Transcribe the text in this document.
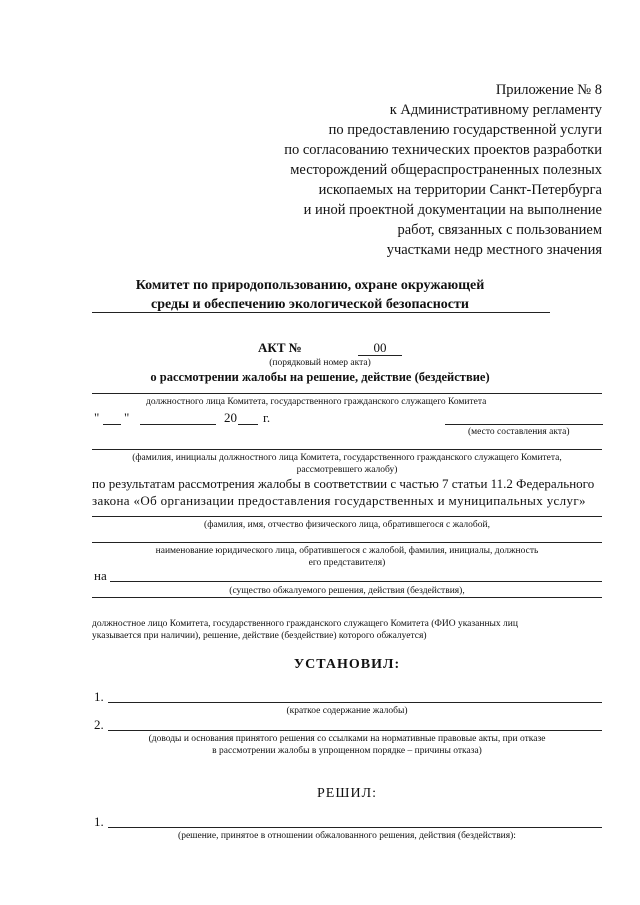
Приложение № 8
к Административному регламенту
по предоставлению государственной услуги
по согласованию технических проектов разработки
месторождений общераспространенных полезных
ископаемых на территории Санкт-Петербурга
и иной проектной документации на выполнение
работ, связанных с пользованием
участками недр местного значения
Комитет по природопользованию, охране окружающей
среды и обеспечению экологической безопасности
АКТ №	00
(порядковый номер акта)
о рассмотрении жалобы на решение, действие (бездействие)
должностного лица Комитета, государственного гражданского служащего Комитета
" "	20 г.
(место составления акта)
(фамилия, инициалы должностного лица Комитета, государственного гражданского служащего Комитета,
рассмотревшего жалобу)
по результатам рассмотрения жалобы в соответствии с частью 7 статьи 11.2 Федерального
закона «Об организации предоставления государственных и муниципальных услуг»
(фамилия, имя, отчество физического лица, обратившегося с жалобой,
наименование юридического лица, обратившегося с жалобой, фамилия, инициалы, должность
его представителя)
на
(существо обжалуемого решения, действия (бездействия),
должностное лицо Комитета, государственного гражданского служащего Комитета (ФИО указанных лиц
указывается при наличии), решение, действие (бездействие) которого обжалуется)
УСТАНОВИЛ:
1.
(краткое содержание жалобы)
2.
(доводы и основания принятого решения со ссылками на нормативные правовые акты, при отказе
в рассмотрении жалобы в упрощенном порядке – причины отказа)
РЕШИЛ:
1.
(решение, принятое в отношении обжалованного решения, действия (бездействия):
